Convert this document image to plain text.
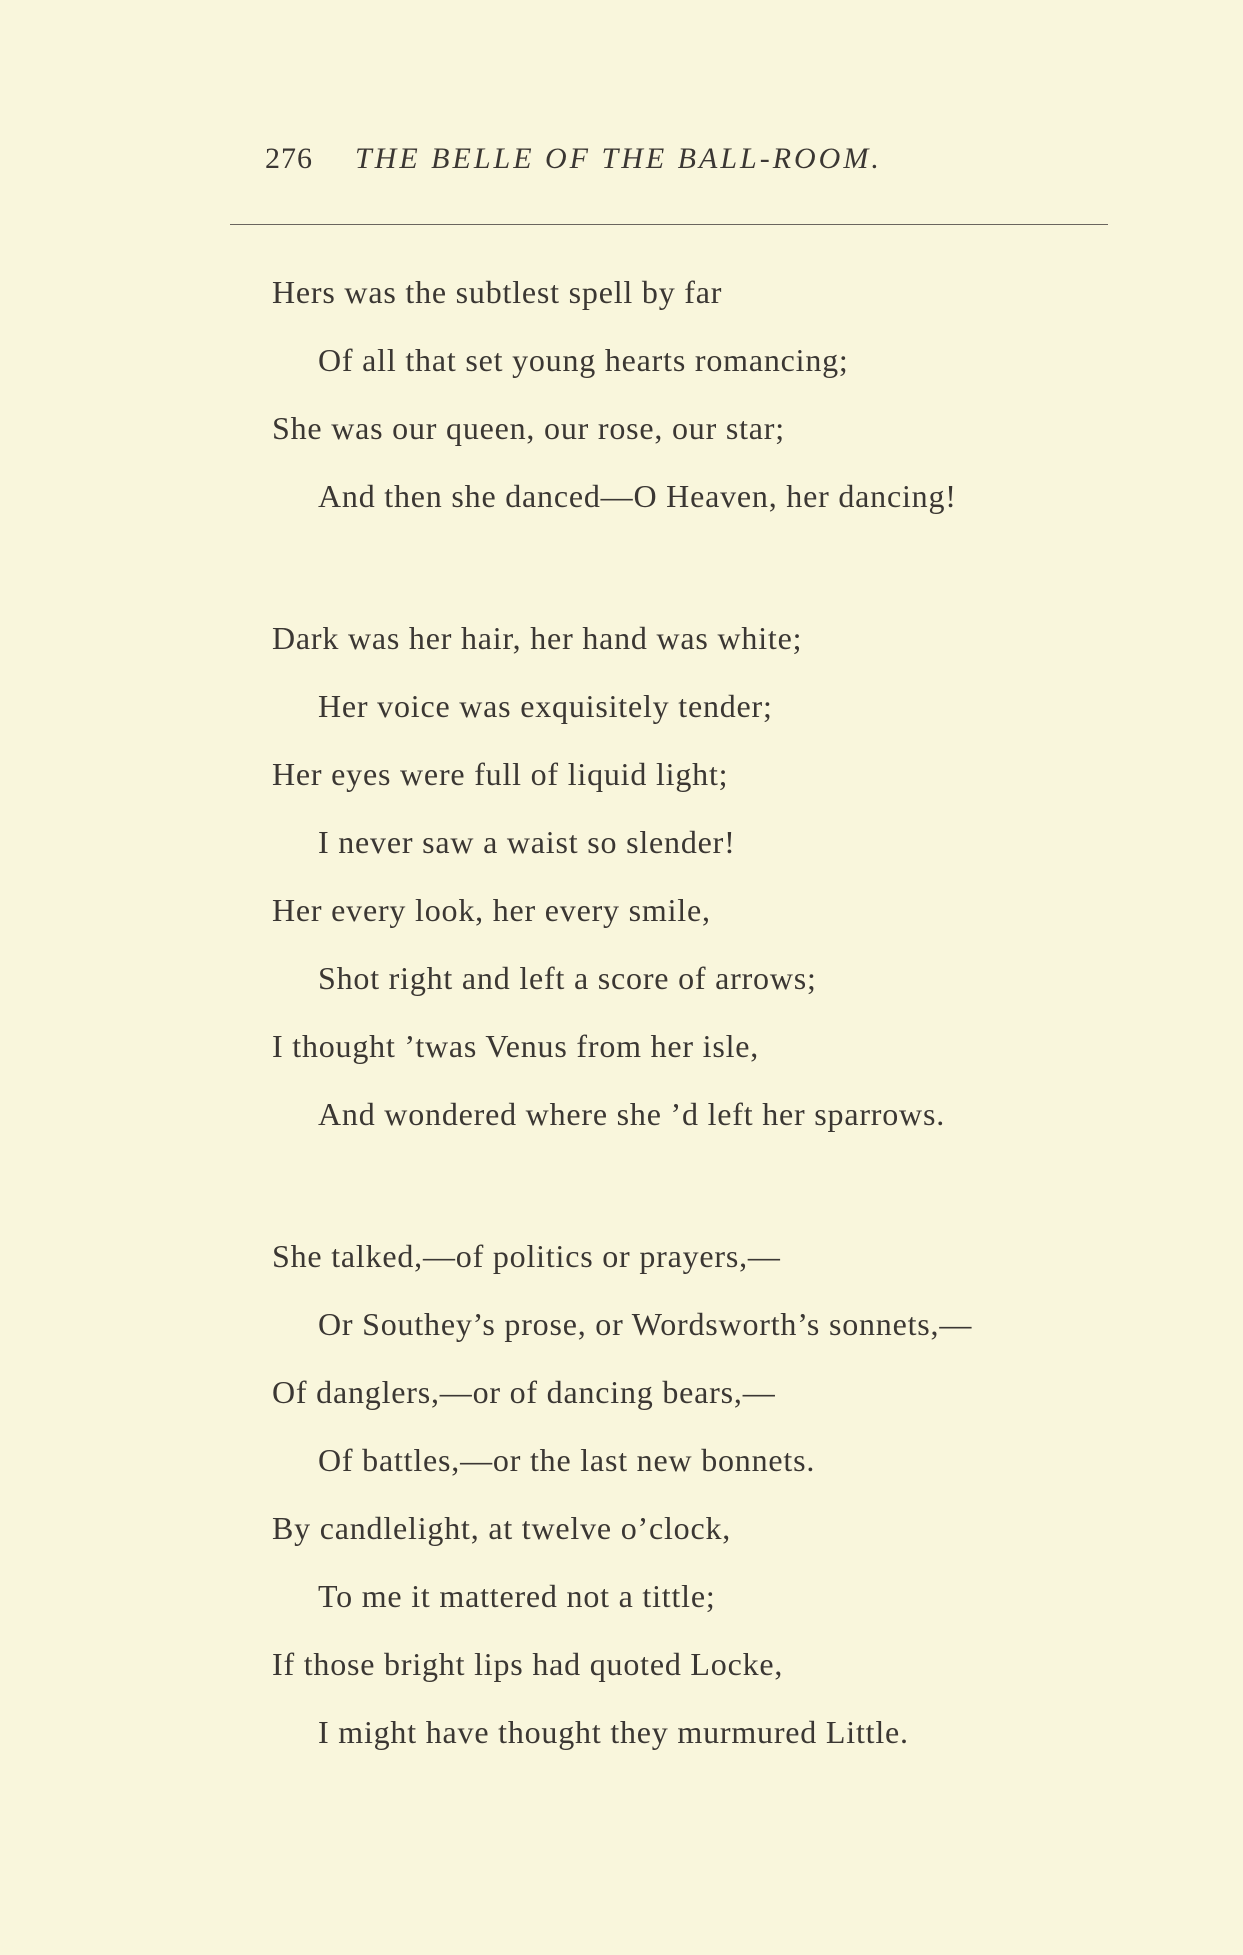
276 THE BELLE OF THE BALL-ROOM.
Hers was the subtlest spell by far
Of all that set young hearts romancing;
She was our queen, our rose, our star;
And then she danced—O Heaven, her dancing!
Dark was her hair, her hand was white;
Her voice was exquisitely tender;
Her eyes were full of liquid light;
I never saw a waist so slender!
Her every look, her every smile,
Shot right and left a score of arrows;
I thought ’twas Venus from her isle,
And wondered where she ’d left her sparrows.
She talked,—of politics or prayers,—
Or Southey’s prose, or Wordsworth’s sonnets,—
Of danglers,—or of dancing bears,—
Of battles,—or the last new bonnets.
By candlelight, at twelve o’clock,
To me it mattered not a tittle;
If those bright lips had quoted Locke,
I might have thought they murmured Little.
